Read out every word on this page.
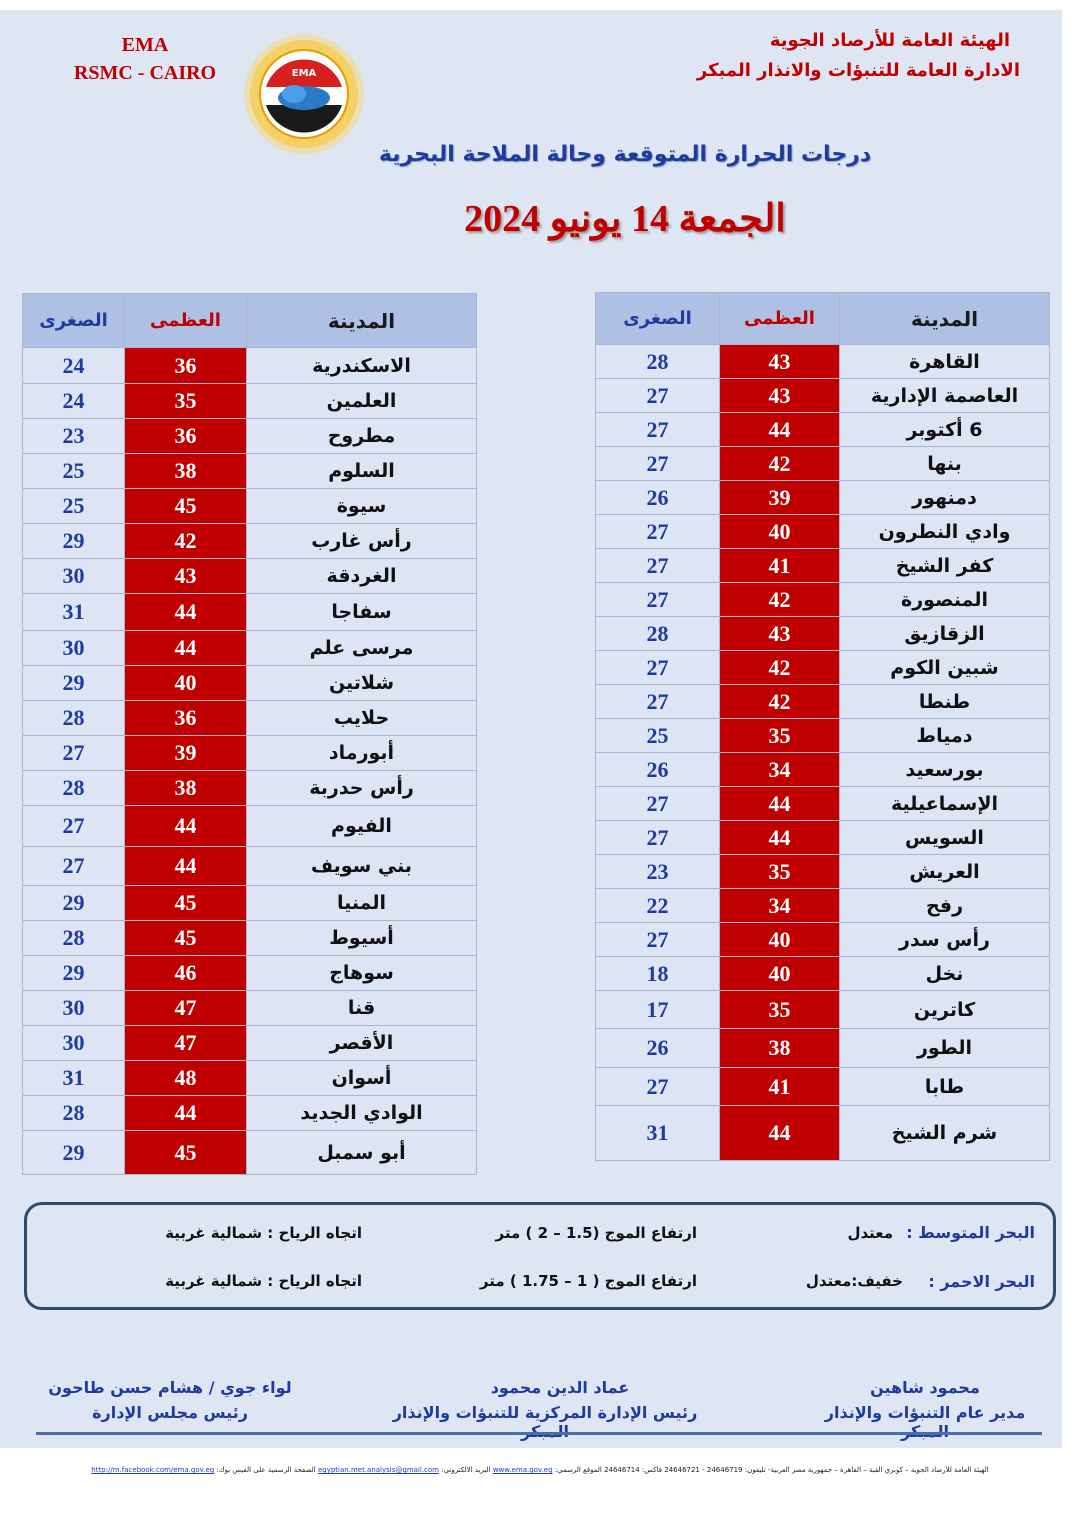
EMA
RSMC - CAIRO	EMA
الهيئة العامة للأرصاد الجوية
الادارة العامة للتنبؤات والانذار المبكر
درجات الحرارة المتوقعة وحالة الملاحة البحرية
الجمعة 14 يونيو 2024
الصغرى	العظمى	المدينة
24	36	الاسكندرية
24	35	العلمين
23	36	مطروح
25	38	السلوم
25	45	سيوة
29	42	رأس غارب
30	43	الغردقة
31	44	سفاجا
30	44	مرسى علم
29	40	شلاتين
28	36	حلايب
27	39	أبورماد
28	38	رأس حدربة
27	44	الفيوم
27	44	بني سويف
29	45	المنيا
28	45	أسيوط
29	46	سوهاج
30	47	قنا
30	47	الأقصر
31	48	أسوان
28	44	الوادي الجديد
29	45	أبو سمبل
الصغرى	العظمى	المدينة
28	43	القاهرة
27	43	العاصمة الإدارية
27	44	6 أكتوبر
27	42	بنها
26	39	دمنهور
27	40	وادي النطرون
27	41	كفر الشيخ
27	42	المنصورة
28	43	الزقازيق
27	42	شبين الكوم
27	42	طنطا
25	35	دمياط
26	34	بورسعيد
27	44	الإسماعيلية
27	44	السويس
23	35	العريش
22	34	رفح
27	40	رأس سدر
18	40	نخل
17	35	كاترين
26	38	الطور
27	41	طابا
31	44	شرم الشيخ
البحر المتوسط :
معتدل
ارتفاع الموج (1.5 – 2 ) متر
اتجاه الرياح : شمالية غربية
البحر الاحمر :
خفيف:معتدل
ارتفاع الموج ( 1 – 1.75 ) متر
اتجاه الرياح : شمالية غربية
محمود شاهين
مدير عام التنبؤات والإنذار
عماد الدين محمود
رئيس الإدارة المركزية للتنبؤات والإنذار
لواء جوي / هشام حسن طاحون
رئيس مجلس الإدارة
الهيئة العامة للأرصاد الجوية – كوبري القبة – القاهرة – جمهورية مصر العربية- تليفون: 24646719 - 24646721 فاكس: 24646714 الموقع الرسمي: www.ema.gov.eg البريد الالكتروني: egyptian.met.analysis@gmail.com الصفحة الرسمية على الفيس بوك: http://m.facebook.com/ema.gov.eg
